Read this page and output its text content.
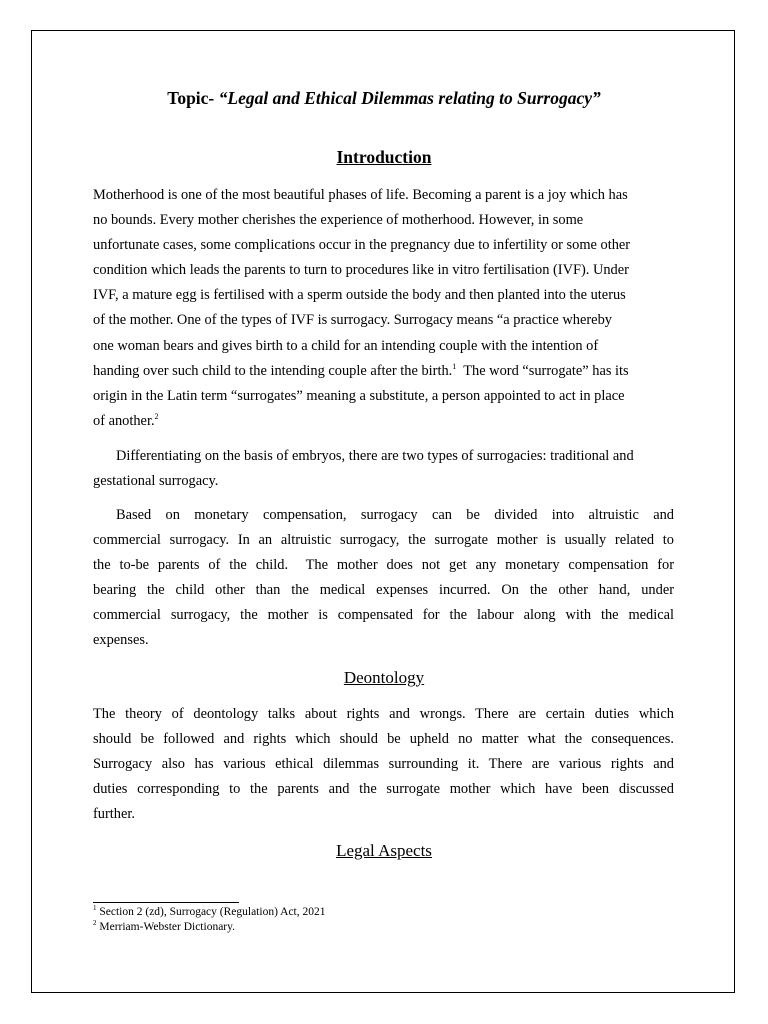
Topic- “Legal and Ethical Dilemmas relating to Surrogacy”
Introduction
Motherhood is one of the most beautiful phases of life. Becoming a parent is a joy which has
no bounds. Every mother cherishes the experience of motherhood. However, in some
unfortunate cases, some complications occur in the pregnancy due to infertility or some other
condition which leads the parents to turn to procedures like in vitro fertilisation (IVF). Under
IVF, a mature egg is fertilised with a sperm outside the body and then planted into the uterus
of the mother. One of the types of IVF is surrogacy. Surrogacy means “a practice whereby
one woman bears and gives birth to a child for an intending couple with the intention of
handing over such child to the intending couple after the birth.$^1$  The word “surrogate” has its
origin in the Latin term “surrogates” meaning a substitute, a person appointed to act in place
of another.$^2$
Differentiating on the basis of embryos, there are two types of surrogacies: traditional and
gestational surrogacy.
Based on monetary compensation, surrogacy can be divided into altruistic and
commercial surrogacy. In an altruistic surrogacy, the surrogate mother is usually related to
the to-be parents of the child.  The mother does not get any monetary compensation for
bearing the child other than the medical expenses incurred. On the other hand, under
commercial surrogacy, the mother is compensated for the labour along with the medical
expenses.
Deontology
The theory of deontology talks about rights and wrongs. There are certain duties which
should be followed and rights which should be upheld no matter what the consequences.
Surrogacy also has various ethical dilemmas surrounding it. There are various rights and
duties corresponding to the parents and the surrogate mother which have been discussed
further.
Legal Aspects
$^1$ Section 2 (zd), Surrogacy (Regulation) Act, 2021
$^2$ Merriam-Webster Dictionary.
